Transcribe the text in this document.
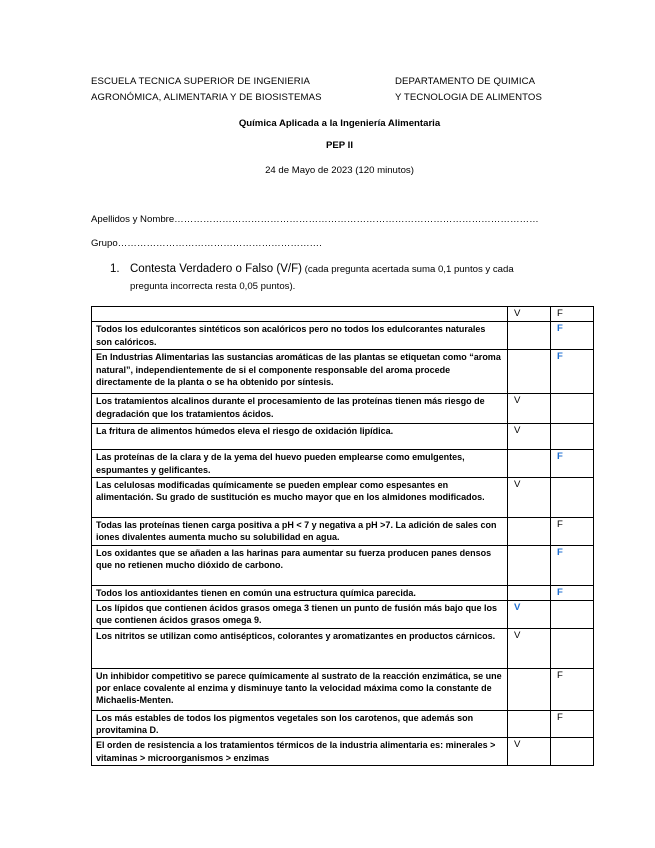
ESCUELA TECNICA SUPERIOR DE INGENIERIA
AGRONÓMICA, ALIMENTARIA Y DE BIOSISTEMAS
DEPARTAMENTO DE QUIMICA
Y TECNOLOGIA DE ALIMENTOS
Química Aplicada a la Ingeniería Alimentaria
PEP II
24 de Mayo de 2023 (120 minutos)
Apellidos y Nombre……………………………………………………………………………………………………
Grupo……………………………………………………….
1. Contesta Verdadero o Falso (V/F) (cada pregunta acertada suma 0,1 puntos y cada
pregunta incorrecta resta 0,05 puntos).
	V	F
Todos los edulcorantes sintéticos son acalóricos pero no todos los edulcorantes naturales son calóricos.		F
En Industrias Alimentarias las sustancias aromáticas de las plantas se etiquetan como “aroma natural”, independientemente de si el componente responsable del aroma procede directamente de la planta o se ha obtenido por síntesis.		F
Los tratamientos alcalinos durante el procesamiento de las proteínas tienen más riesgo de degradación que los tratamientos ácidos.	V	
La fritura de alimentos húmedos eleva el riesgo de oxidación lipídica.	V	
Las proteínas de la clara y de la yema del huevo pueden emplearse como emulgentes, espumantes y gelificantes.		F
Las celulosas modificadas químicamente se pueden emplear como espesantes en alimentación. Su grado de sustitución es mucho mayor que en los almidones modificados.	V	
Todas las proteínas tienen carga positiva a pH < 7 y negativa a pH >7. La adición de sales con iones divalentes aumenta mucho su solubilidad en agua.		F
Los oxidantes que se añaden a las harinas para aumentar su fuerza producen panes densos que no retienen mucho dióxido de carbono.		F
Todos los antioxidantes tienen en común una estructura química parecida.		F
Los lípidos que contienen ácidos grasos omega 3 tienen un punto de fusión más bajo que los que contienen ácidos grasos omega 9.	V	
Los nitritos se utilizan como antisépticos, colorantes y aromatizantes en productos cárnicos.	V	
Un inhibidor competitivo se parece químicamente al sustrato de la reacción enzimática, se une por enlace covalente al enzima y disminuye tanto la velocidad máxima como la constante de Michaelis-Menten.		F
Los más estables de todos los pigmentos vegetales son los carotenos, que además son provitamina D.		F
El orden de resistencia a los tratamientos térmicos de la industria alimentaria es: minerales > vitaminas > microorganismos > enzimas	V	
